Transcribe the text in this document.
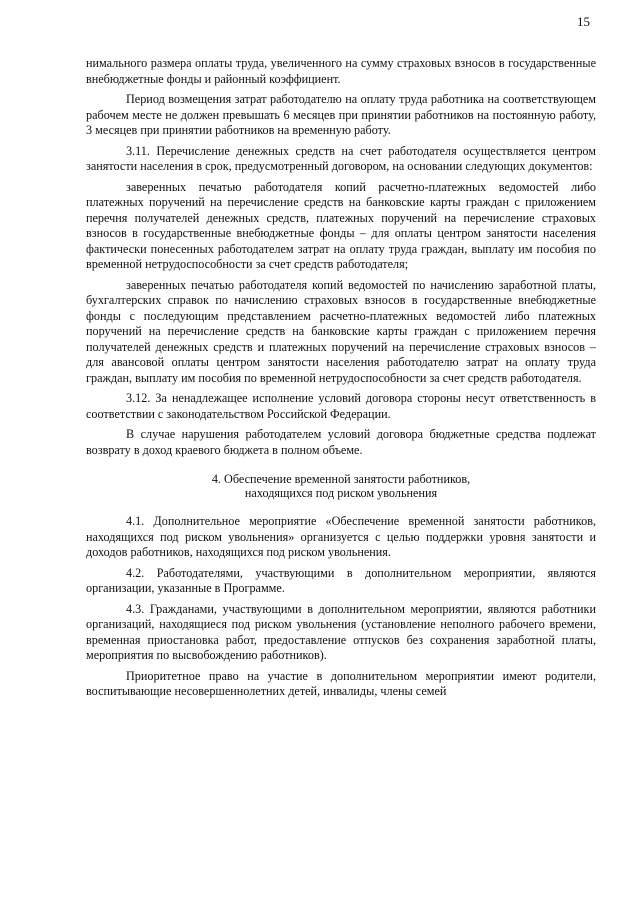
15

нимального размера оплаты труда, увеличенного на сумму страховых взносов в государственные внебюджетные фонды и районный коэффициент.

Период возмещения затрат работодателю на оплату труда работника на соответствующем рабочем месте не должен превышать 6 месяцев при принятии работников на постоянную работу, 3 месяцев при принятии работников на временную работу.

3.11. Перечисление денежных средств на счет работодателя осуществляется центром занятости населения в срок, предусмотренный договором, на основании следующих документов:

заверенных печатью работодателя копий расчетно-платежных ведомостей либо платежных поручений на перечисление средств на банковские карты граждан с приложением перечня получателей денежных средств, платежных поручений на перечисление страховых взносов в государственные внебюджетные фонды – для оплаты центром занятости населения фактически понесенных работодателем затрат на оплату труда граждан, выплату им пособия по временной нетрудоспособности за счет средств работодателя;

заверенных печатью работодателя копий ведомостей по начислению заработной платы, бухгалтерских справок по начислению страховых взносов в государственные внебюджетные фонды с последующим представлением расчетно-платежных ведомостей либо платежных поручений на перечисление средств на банковские карты граждан с приложением перечня получателей денежных средств и платежных поручений на перечисление страховых взносов – для авансовой оплаты центром занятости населения работодателю затрат на оплату труда граждан, выплату им пособия по временной нетрудоспособности за счет средств работодателя.

3.12. За ненадлежащее исполнение условий договора стороны несут ответственность в соответствии с законодательством Российской Федерации.

В случае нарушения работодателем условий договора бюджетные средства подлежат возврату в доход краевого бюджета в полном объеме.

4. Обеспечение временной занятости работников,
находящихся под риском увольнения

4.1. Дополнительное мероприятие «Обеспечение временной занятости работников, находящихся под риском увольнения» организуется с целью поддержки уровня занятости и доходов работников, находящихся под риском увольнения.

4.2. Работодателями, участвующими в дополнительном мероприятии, являются организации, указанные в Программе.

4.3. Гражданами, участвующими в дополнительном мероприятии, являются работники организаций, находящиеся под риском увольнения (установление неполного рабочего времени, временная приостановка работ, предоставление отпусков без сохранения заработной платы, мероприятия по высвобождению работников).

Приоритетное право на участие в дополнительном мероприятии имеют родители, воспитывающие несовершеннолетних детей, инвалиды, члены семей
